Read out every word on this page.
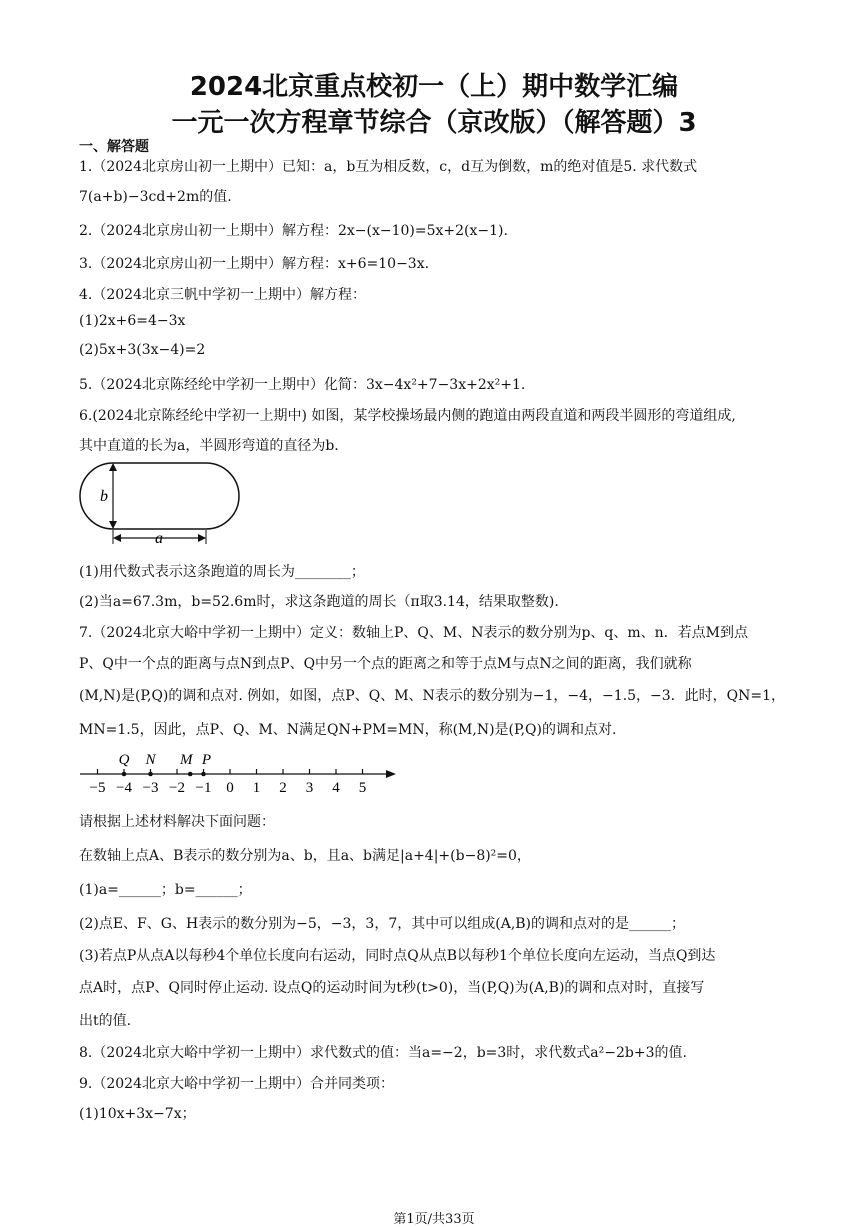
2024北京重点校初一（上）期中数学汇编
一元一次方程章节综合（京改版）（解答题）3
一、解答题
1.（2024北京房山初一上期中）已知：a，b互为相反数，c，d互为倒数，m的绝对值是5. 求代数式
7(a+b)−3cd+2m的值.
2.（2024北京房山初一上期中）解方程：2x−(x−10)=5x+2(x−1).
3.（2024北京房山初一上期中）解方程：x+6=10−3x.
4.（2024北京三帆中学初一上期中）解方程：
(1)2x+6=4−3x
(2)5x+3(3x−4)=2
5.（2024北京陈经纶中学初一上期中）化简：3x−4x²+7−3x+2x²+1.
6.(2024北京陈经纶中学初一上期中) 如图，某学校操场最内侧的跑道由两段直道和两段半圆形的弯道组成,
其中直道的长为a，半圆形弯道的直径为b.
b
a
(1)用代数式表示这条跑道的周长为________；
(2)当a=67.3m，b=52.6m时，求这条跑道的周长（π取3.14，结果取整数).
7.（2024北京大峪中学初一上期中）定义：数轴上P、Q、M、N表示的数分别为p、q、m、n．若点M到点
P、Q中一个点的距离与点N到点P、Q中另一个点的距离之和等于点M与点N之间的距离，我们就称
(M,N)是(P,Q)的调和点对. 例如，如图，点P、Q、M、N表示的数分别为−1，−4，−1.5，−3．此时，QN=1，
MN=1.5，因此，点P、Q、M、N满足QN+PM=MN，称(M,N)是(P,Q)的调和点对.
−5 −4 −3 −2 −1 0 1 2 3 4 5
Q N M P
请根据上述材料解决下面问题：
在数轴上点A、B表示的数分别为a、b，且a、b满足|a+4|+(b−8)²=0，
(1)a=______；b=______；
(2)点E、F、G、H表示的数分别为−5，−3，3，7，其中可以组成(A,B)的调和点对的是______；
(3)若点P从点A以每秒4个单位长度向右运动，同时点Q从点B以每秒1个单位长度向左运动，当点Q到达
点A时，点P、Q同时停止运动. 设点Q的运动时间为t秒(t>0)，当(P,Q)为(A,B)的调和点对时，直接写
出t的值.
8.（2024北京大峪中学初一上期中）求代数式的值：当a=−2，b=3时，求代数式a²−2b+3的值.
9.（2024北京大峪中学初一上期中）合并同类项：
(1)10x+3x−7x；
第1页/共33页
